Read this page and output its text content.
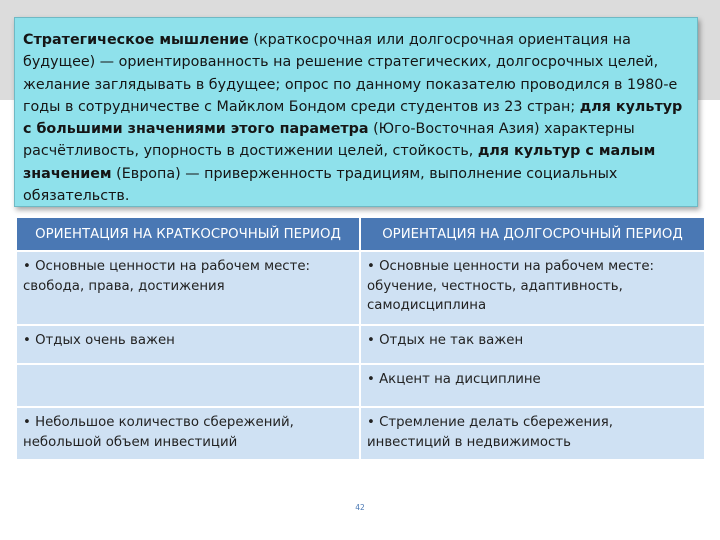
Стратегическое мышление (краткосрочная или долгосрочная ориентация на будущее) — ориентированность на решение стратегических, долгосрочных целей, желание заглядывать в будущее; опрос по данному показателю проводился в 1980-е годы в сотрудничестве с Майклом Бондом среди студентов из 23 стран; для культур с большими значениями этого параметра (Юго-Восточная Азия) характерны расчётливость, упорность в достижении целей, стойкость, для культур с малым значением (Европа) — приверженность традициям, выполнение социальных обязательств.
ОРИЕНТАЦИЯ НА КРАТКОСРОЧНЫЙ ПЕРИОД	ОРИЕНТАЦИЯ НА ДОЛГОСРОЧНЫЙ ПЕРИОД
• Основные ценности на рабочем месте: свобода, права, достижения	• Основные ценности на рабочем месте: обучение, честность, адаптивность, самодисциплина
• Отдых очень важен	• Отдых не так важен
	• Акцент на дисциплине
• Небольшое количество сбережений, небольшой объем инвестиций	• Стремление делать сбережения, инвестиций в недвижимость
42
